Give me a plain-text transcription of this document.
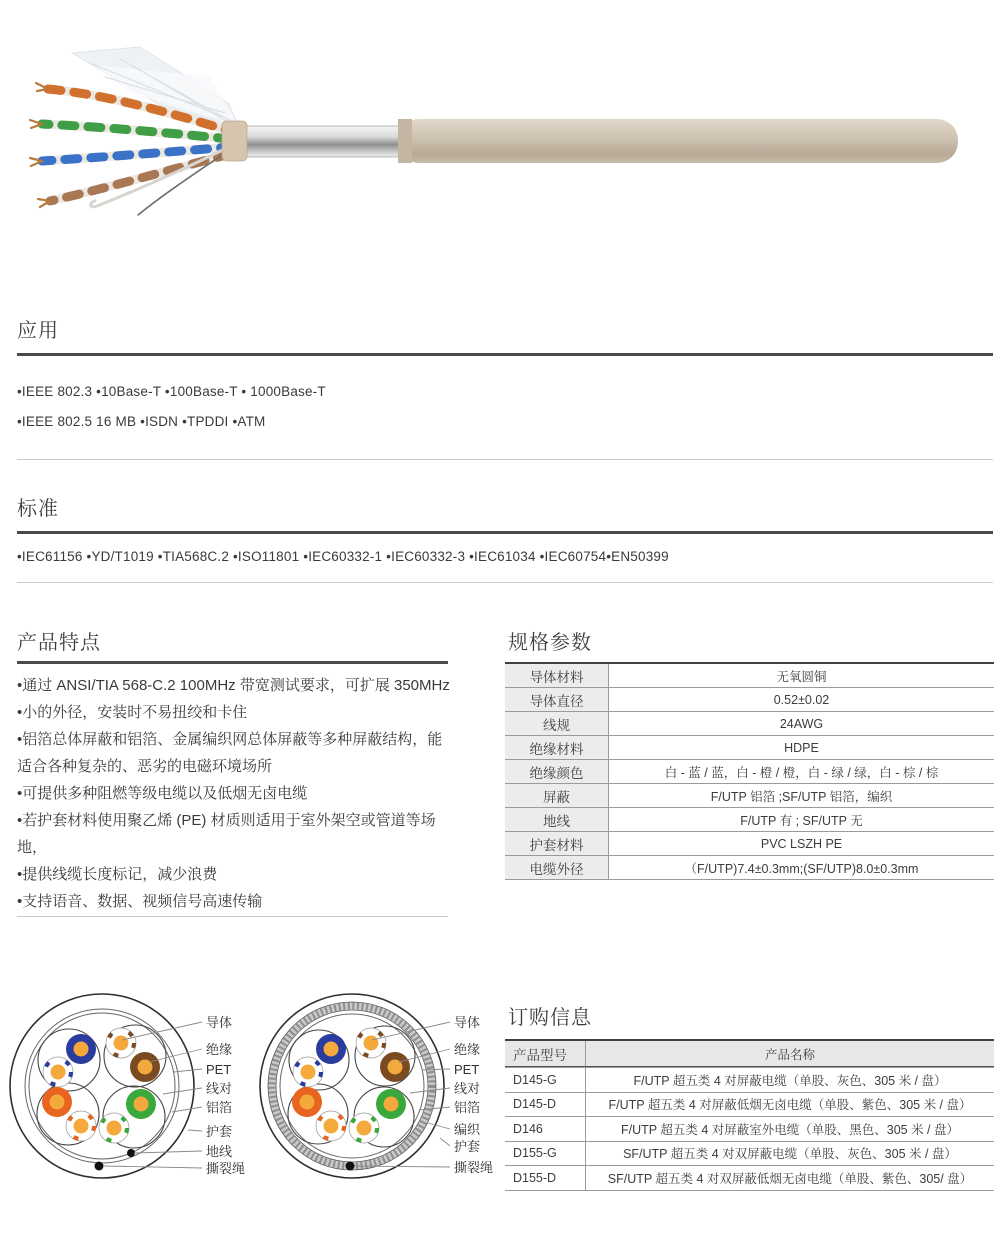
应用
•IEEE 802.3 •10Base-T •100Base-T • 1000Base-T
•IEEE 802.5 16 MB •ISDN •TPDDI •ATM
标准
•IEC61156 •YD/T1019 •TIA568C.2 •ISO11801 •IEC60332-1 •IEC60332-3 •IEC61034 •IEC60754•EN50399
产品特点
•通过 ANSI/TIA 568-C.2 100MHz 带宽测试要求，可扩展 350MHz
•小的外径，安装时不易扭绞和卡住
•铝箔总体屏蔽和铝箔、金属编织网总体屏蔽等多种屏蔽结构，能适合各种复杂的、恶劣的电磁环境场所
•可提供多种阻燃等级电缆以及低烟无卤电缆
•若护套材料使用聚乙烯 (PE) 材质则适用于室外架空或管道等场地，
•提供线缆长度标记，减少浪费
•支持语音、数据、视频信号高速传输
规格参数
导体材料	无氧圆铜
导体直径	0.52±0.02
线规	24AWG
绝缘材料	HDPE
绝缘颜色	白 - 蓝 / 蓝，白 - 橙 / 橙，白 - 绿 / 绿，白 - 棕 / 棕
屏蔽	F/UTP 铝箔 ;SF/UTP 铝箔，编织
地线	F/UTP 有 ; SF/UTP 无
护套材料	PVC LSZH PE
电缆外径	（F/UTP)7.4±0.3mm;(SF/UTP)8.0±0.3mm
订购信息
产品型号	产品名称
D145-G	F/UTP 超五类 4 对屏蔽电缆（单股、灰色、305 米 / 盘）
D145-D	F/UTP 超五类 4 对屏蔽低烟无卤电缆（单股、紫色、305 米 / 盘）
D146	F/UTP 超五类 4 对屏蔽室外电缆（单股、黑色、305 米 / 盘）
D155-G	SF/UTP 超五类 4 对双屏蔽电缆（单股、灰色、305 米 / 盘）
D155-D	SF/UTP 超五类 4 对双屏蔽低烟无卤电缆（单股、紫色、305/ 盘）
导体
绝缘
PET
线对
铝箔
护套
地线
撕裂绳
导体
绝缘
PET
线对
铝箔
编织
护套
撕裂绳
